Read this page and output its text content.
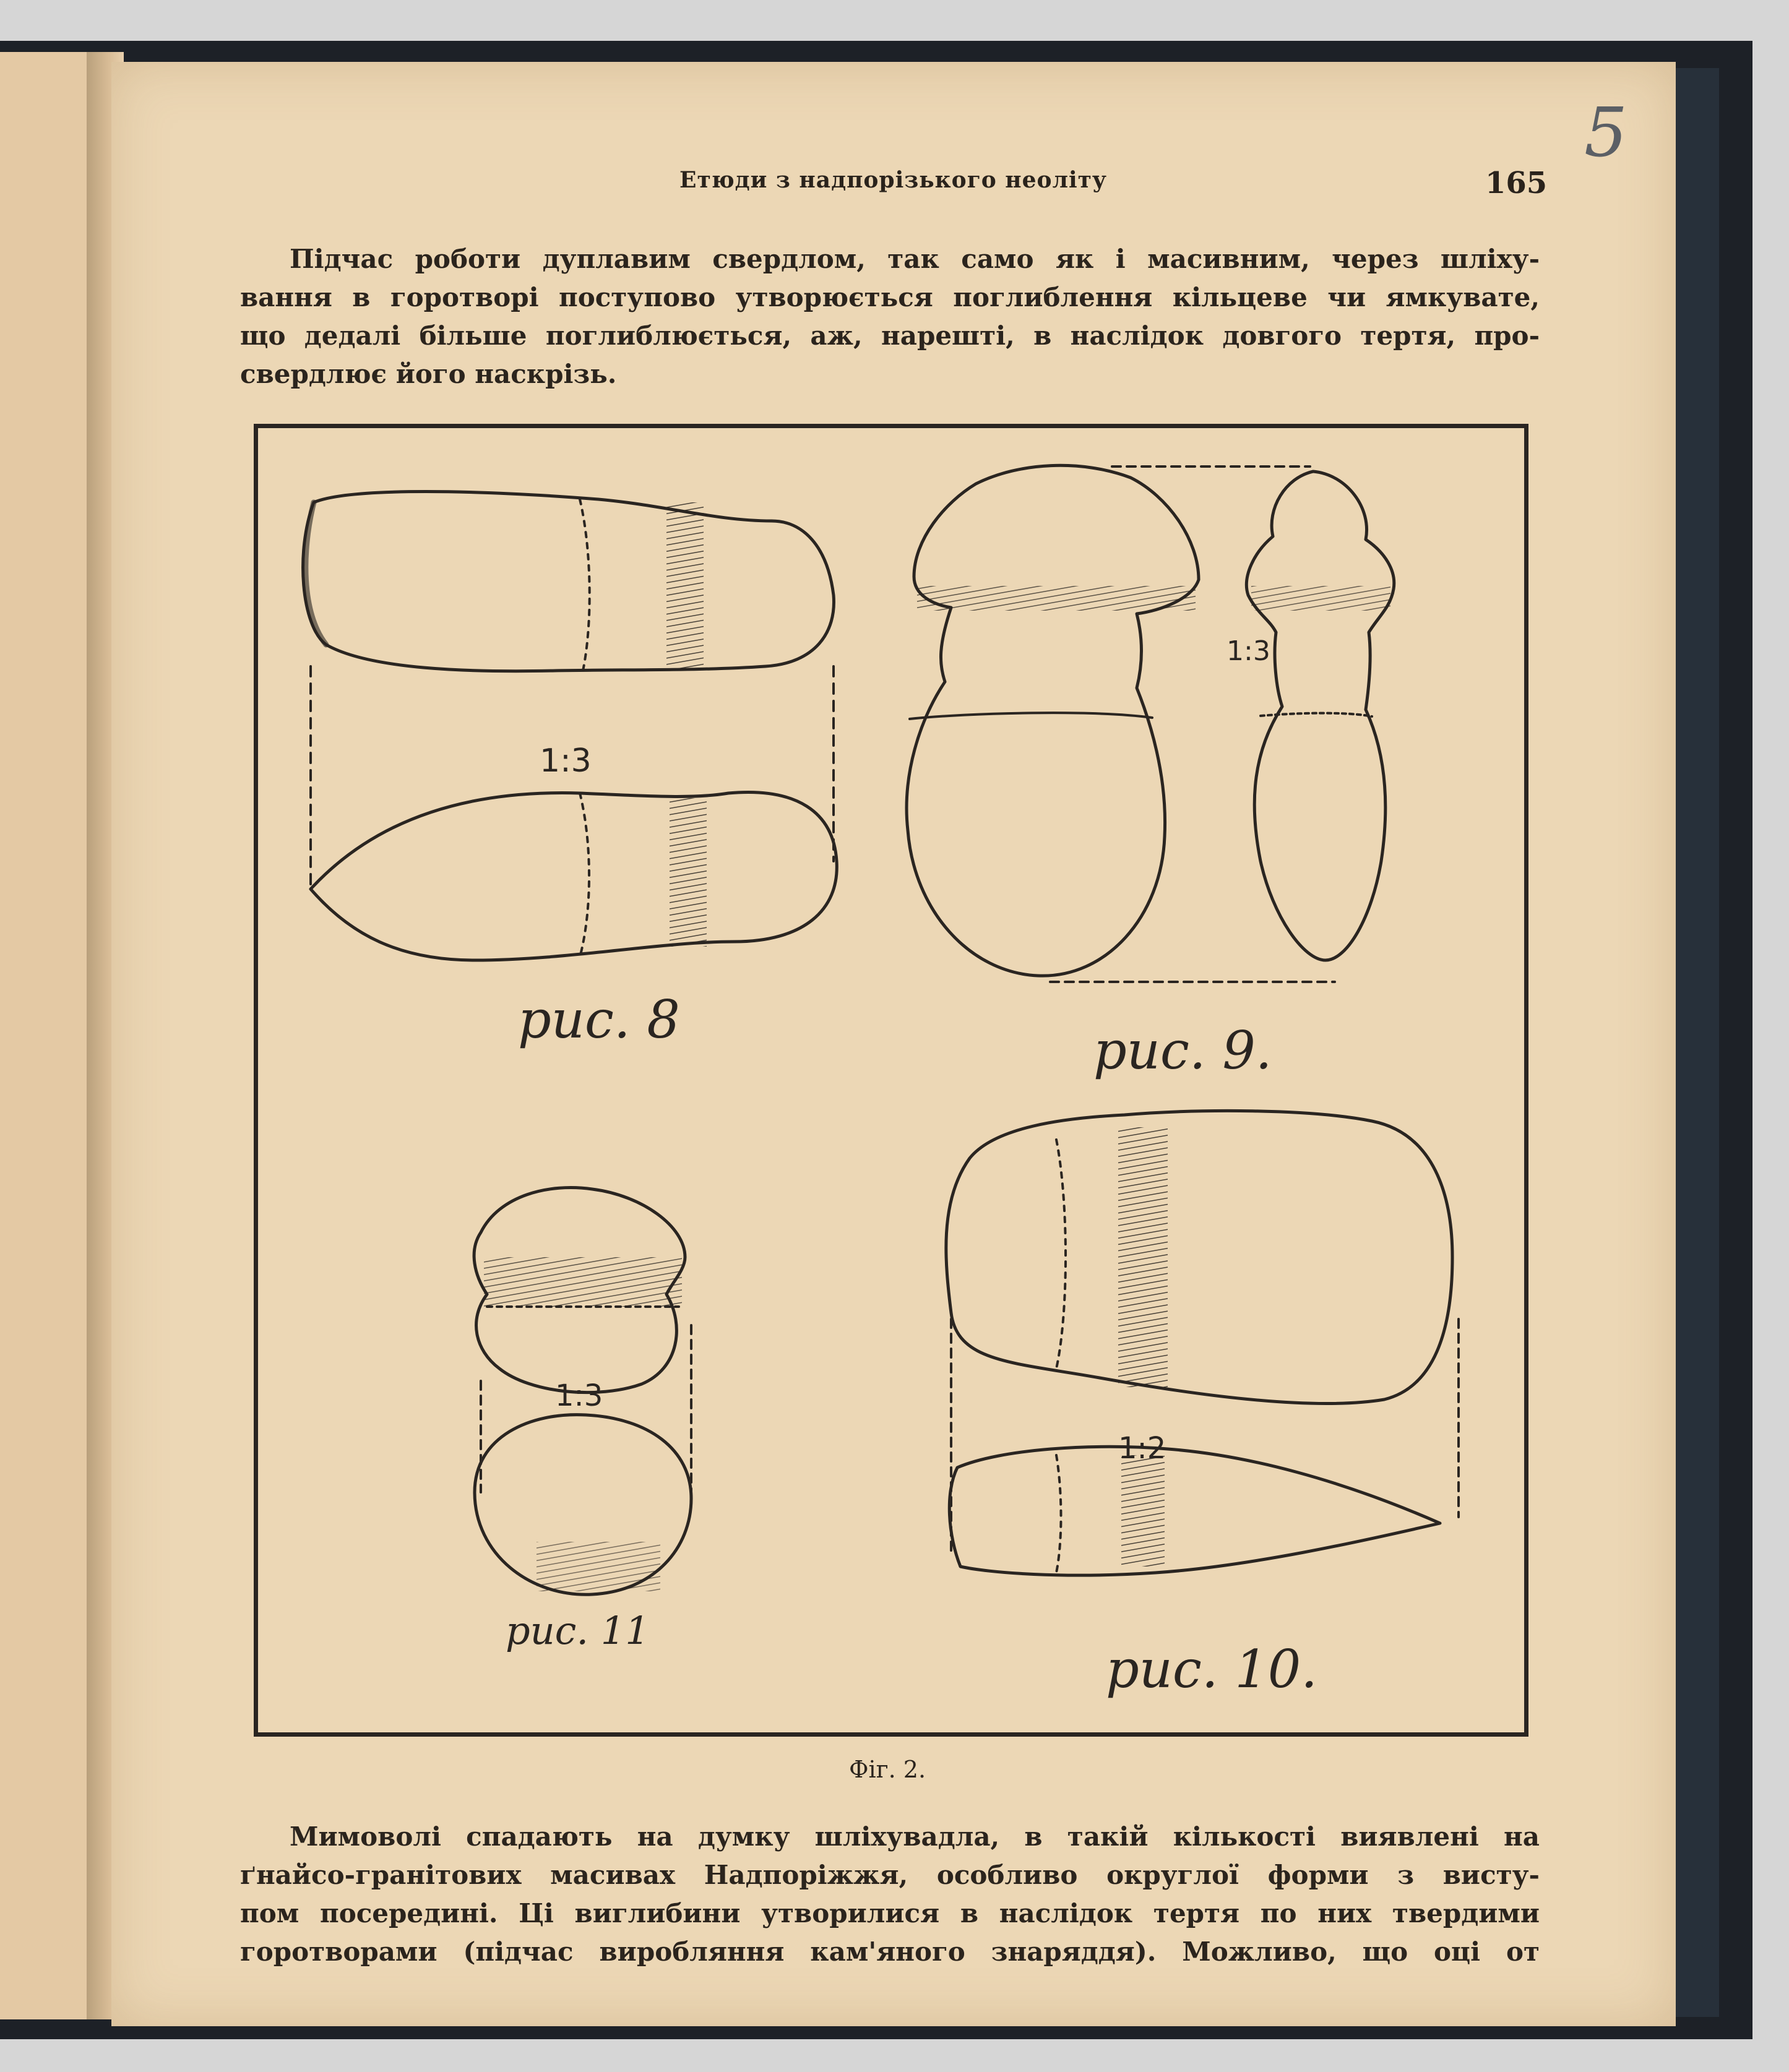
5
Етюди з надпорізького неоліту	165
Підчас роботи дуплавим свердлом, так само як і масивним, через шліху-
вання в горотворі поступово утворюється поглиблення кільцеве чи ямкувате,
що дедалі більше поглиблюється, аж, нарешті, в наслідок довгого тертя, про-
свердлює його наскрізь.
1:3
1:3
1:3
1:2
рис. 8
рис. 9.
рис. 11
рис. 10.
Фіг. 2.
Мимоволі спадають на думку шліхувадла, в такій кількості виявлені на
ґнайсо-гранітових масивах Надпоріжжя, особливо округлої форми з висту-
пом посередині. Ці виглибини утворилися в наслідок тертя по них твердими
горотворами (підчас виробляння кам'яного знаряддя). Можливо, що оці от
